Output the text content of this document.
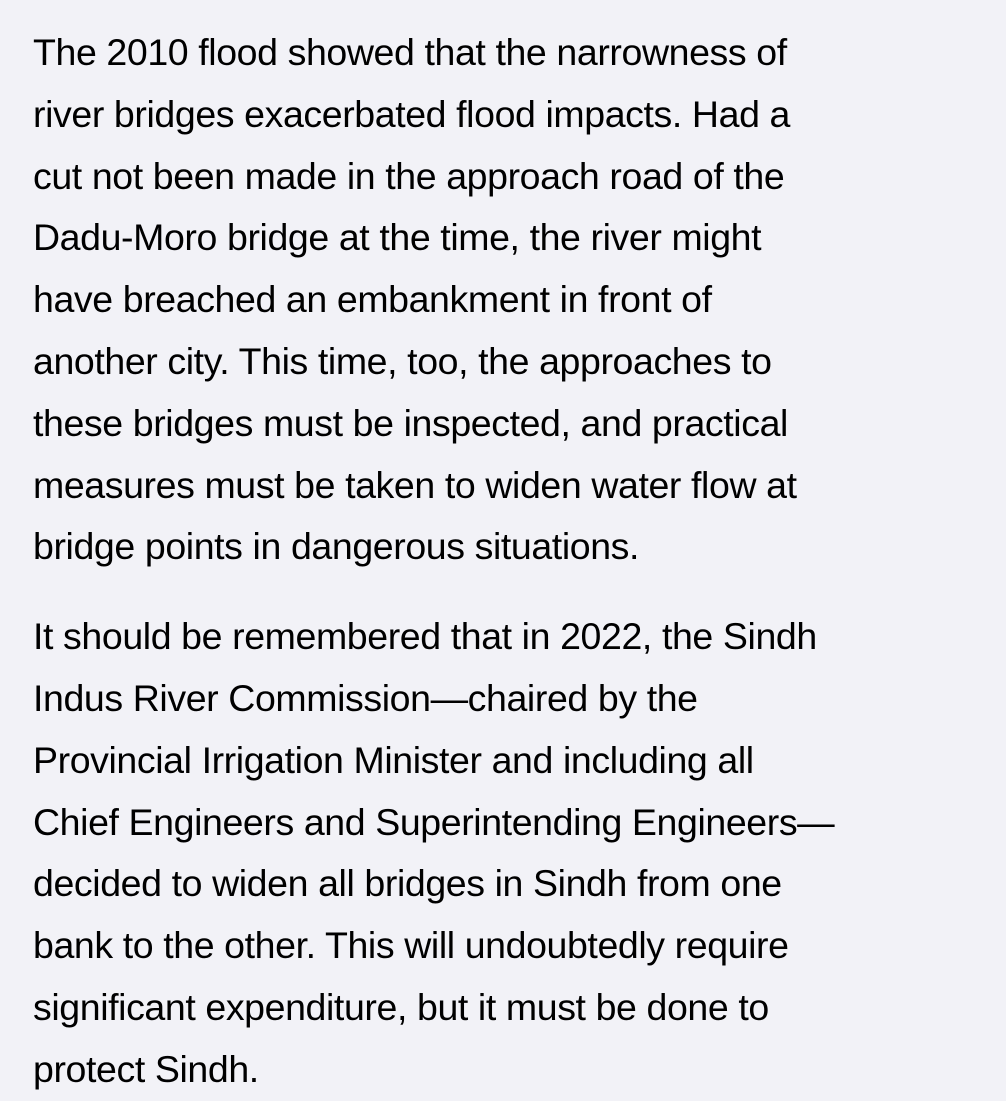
The 2010 flood showed that the narrowness of
river bridges exacerbated flood impacts. Had a
cut not been made in the approach road of the
Dadu-Moro bridge at the time, the river might
have breached an embankment in front of
another city. This time, too, the approaches to
these bridges must be inspected, and practical
measures must be taken to widen water flow at
bridge points in dangerous situations.

It should be remembered that in 2022, the Sindh
Indus River Commission—chaired by the
Provincial Irrigation Minister and including all
Chief Engineers and Superintending Engineers—
decided to widen all bridges in Sindh from one
bank to the other. This will undoubtedly require
significant expenditure, but it must be done to
protect Sindh.
